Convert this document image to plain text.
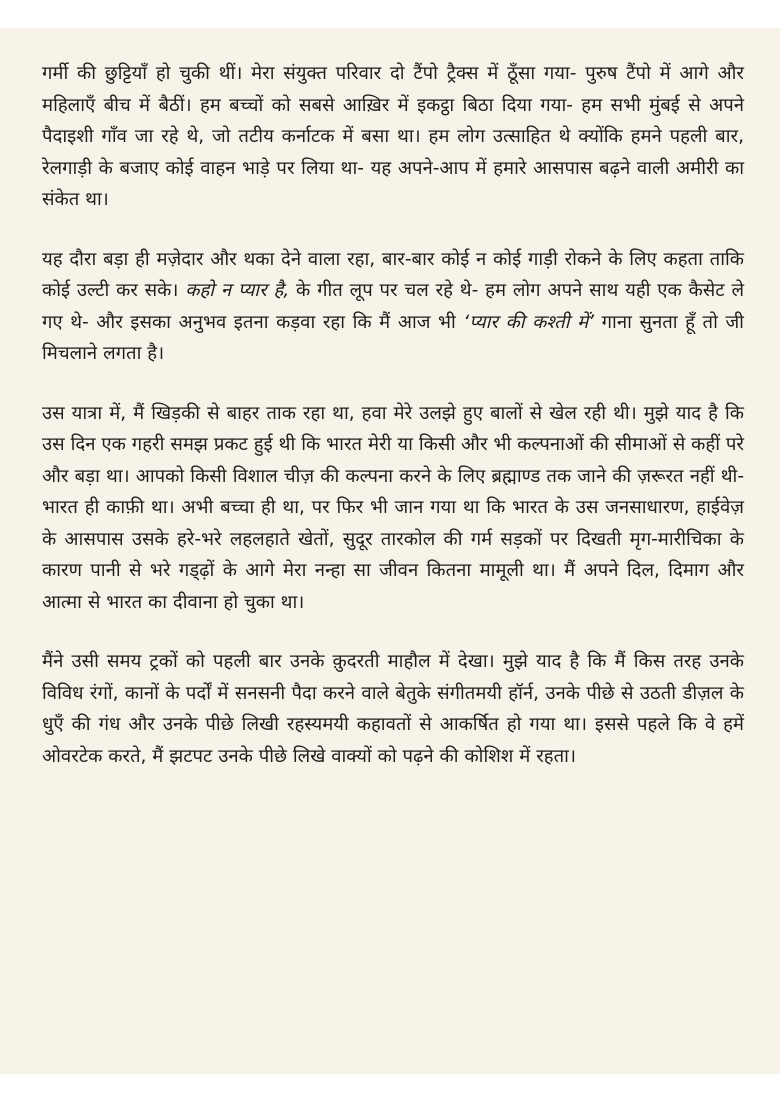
गर्मी की छुट्टियाँ हो चुकी थीं। मेरा संयुक्त परिवार दो टैंपो ट्रैक्स में ठूँसा गया- पुरुष टैंपो में आगे और महिलाएँ बीच में बैठीं। हम बच्चों को सबसे आख़िर में इकट्ठा बिठा दिया गया- हम सभी मुंबई से अपने पैदाइशी गाँव जा रहे थे, जो तटीय कर्नाटक में बसा था। हम लोग उत्साहित थे क्योंकि हमने पहली बार, रेलगाड़ी के बजाए कोई वाहन भाड़े पर लिया था- यह अपने-आप में हमारे आसपास बढ़ने वाली अमीरी का संकेत था।

यह दौरा बड़ा ही मज़ेदार और थका देने वाला रहा, बार-बार कोई न कोई गाड़ी रोकने के लिए कहता ताकि कोई उल्टी कर सके। कहो न प्यार है, के गीत लूप पर चल रहे थे- हम लोग अपने साथ यही एक कैसेट ले गए थे- और इसका अनुभव इतना कड़वा रहा कि मैं आज भी ‘प्यार की कश्ती में’ गाना सुनता हूँ तो जी मिचलाने लगता है।

उस यात्रा में, मैं खिड़की से बाहर ताक रहा था, हवा मेरे उलझे हुए बालों से खेल रही थी। मुझे याद है कि उस दिन एक गहरी समझ प्रकट हुई थी कि भारत मेरी या किसी और भी कल्पनाओं की सीमाओं से कहीं परे और बड़ा था। आपको किसी विशाल चीज़ की कल्पना करने के लिए ब्रह्माण्ड तक जाने की ज़रूरत नहीं थी- भारत ही काफ़ी था। अभी बच्चा ही था, पर फिर भी जान गया था कि भारत के उस जनसाधारण, हाईवेज़ के आसपास उसके हरे-भरे लहलहाते खेतों, सुदूर तारकोल की गर्म सड़कों पर दिखती मृग-मारीचिका के कारण पानी से भरे गड्ढ़ों के आगे मेरा नन्हा सा जीवन कितना मामूली था। मैं अपने दिल, दिमाग और आत्मा से भारत का दीवाना हो चुका था।

मैंने उसी समय ट्रकों को पहली बार उनके क़ुदरती माहौल में देखा। मुझे याद है कि मैं किस तरह उनके विविध रंगों, कानों के पर्दों में सनसनी पैदा करने वाले बेतुके संगीतमयी हॉर्न, उनके पीछे से उठती डीज़ल के धुएँ की गंध और उनके पीछे लिखी रहस्यमयी कहावतों से आकर्षित हो गया था। इससे पहले कि वे हमें ओवरटेक करते, मैं झटपट उनके पीछे लिखे वाक्यों को पढ़ने की कोशिश में रहता।
